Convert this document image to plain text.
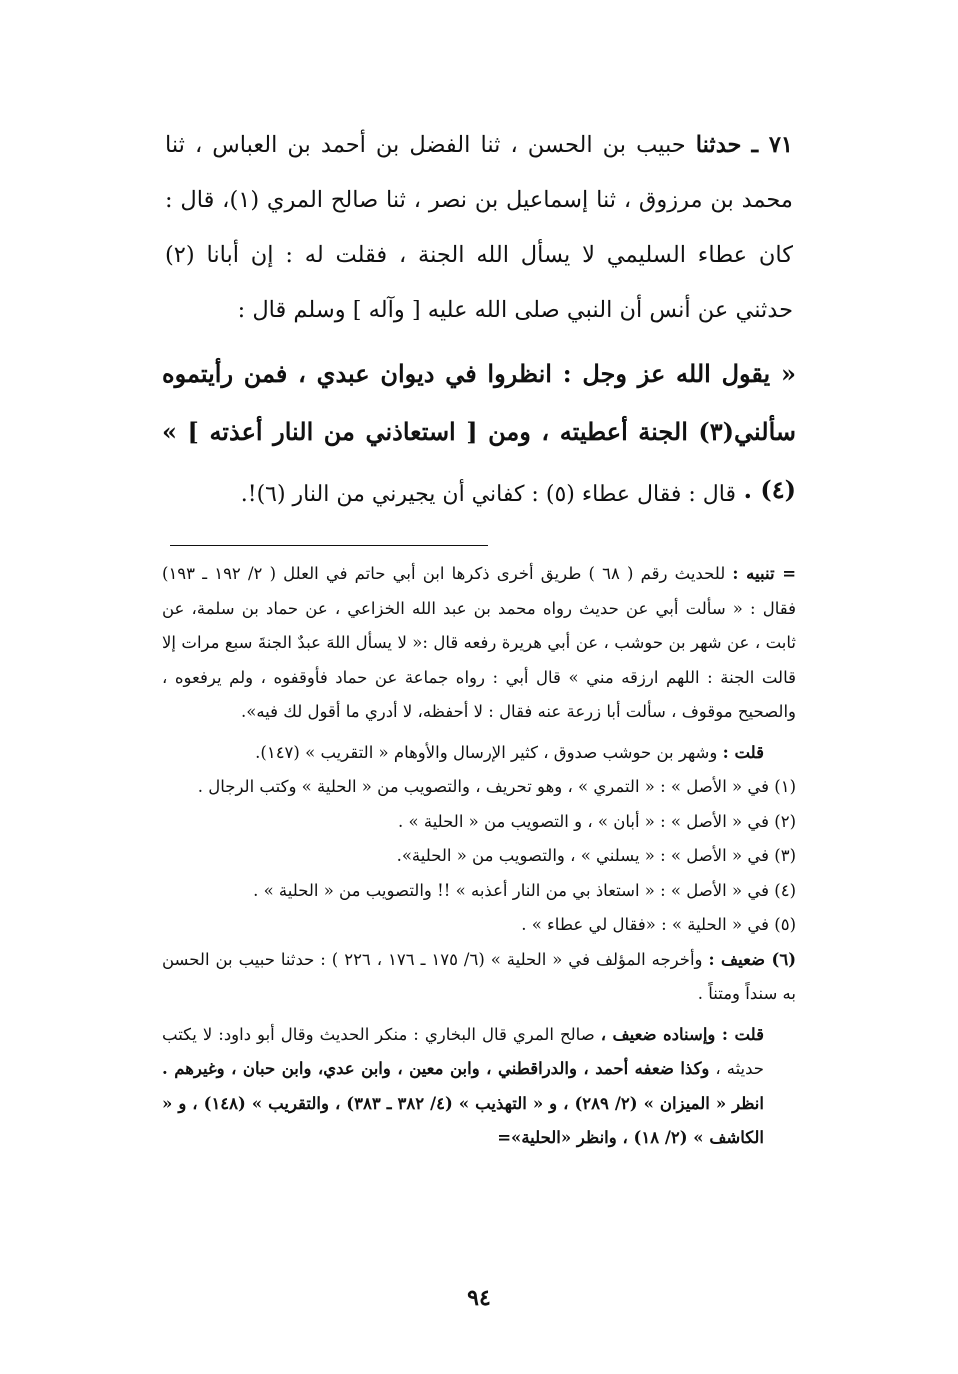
٧١ ـ حدثنا حبيب بن الحسن ، ثنا الفضل بن أحمد بن العباس ، ثنا محمد بن مرزوق ، ثنا إسماعيل بن نصر ، ثنا صالح المري (١)، قال : كان عطاء السليمي لا يسأل الله الجنة ، فقلت له : إن أبانا (٢) حدثني عن أنس أن النبي صلى الله عليه [ وآله ] وسلم قال :

« يقول الله عز وجل : انظروا في ديوان عبدي ، فمن رأيتموه سألني(٣) الجنة أعطيته ، ومن [ استعاذني من النار أعذته ] » (٤) .
قال : فقال عطاء (٥) : كفاني أن يجيرني من النار (٦)!.

= تنبيه : للحديث رقم ( ٦٨ ) طريق أخرى ذكرها ابن أبي حاتم في العلل ( ٢/ ١٩٢ ـ ١٩٣) فقال : « سألت أبي عن حديث رواه محمد بن عبد الله الخزاعي ، عن حماد بن سلمة، عن ثابت ، عن شهر بن حوشب ، عن أبي هريرة رفعه قال :« لا يسأل اللهَ عبدٌ الجنةَ سبع مرات إلا قالت الجنة : اللهم ارزقه مني » قال أبي : رواه جماعة عن حماد فأوقفوه ، ولم يرفعوه ، والصحيح موقوف ، سألت أبا زرعة عنه فقال : لا أحفظه، لا أدري ما أقول لك فيه».

قلت : وشهر بن حوشب صدوق ، كثير الإرسال والأوهام « التقريب » (١٤٧).

(١) في « الأصل » : « التمري » ، وهو تحريف ، والتصويب من « الحلية » وكتب الرجال .

(٢) في « الأصل » : « أبان » ، و التصويب من « الحلية » .

(٣) في « الأصل » : « يسلني » ، والتصويب من « الحلية».

(٤) في « الأصل » : « استعاذ بي من النار أعذبه » !! والتصويب من « الحلية » .

(٥) في « الحلية » : «فقال لي عطاء » .

(٦) ضعيف : وأخرجه المؤلف في « الحلية » (٦/ ١٧٥ ـ ١٧٦ ، ٢٢٦ ) : حدثنا حبيب بن الحسن به سنداً ومتناً .

قلت : وإسناده ضعيف ، صالح المري قال البخاري : منكر الحديث وقال أبو داود: لا يكتب حديثه ، وكذا ضعفه أحمد ، والدراقطني ، وابن معين ، وابن عدي، وابن حبان ، وغيرهم . انظر « الميزان » (٢/ ٢٨٩) ، و « التهذيب » (٤/ ٣٨٢ ـ ٣٨٣) ، والتقريب » (١٤٨) ، و « الكاشف » (٢/ ١٨) ، وانظر «الحلية»=

٩٤
